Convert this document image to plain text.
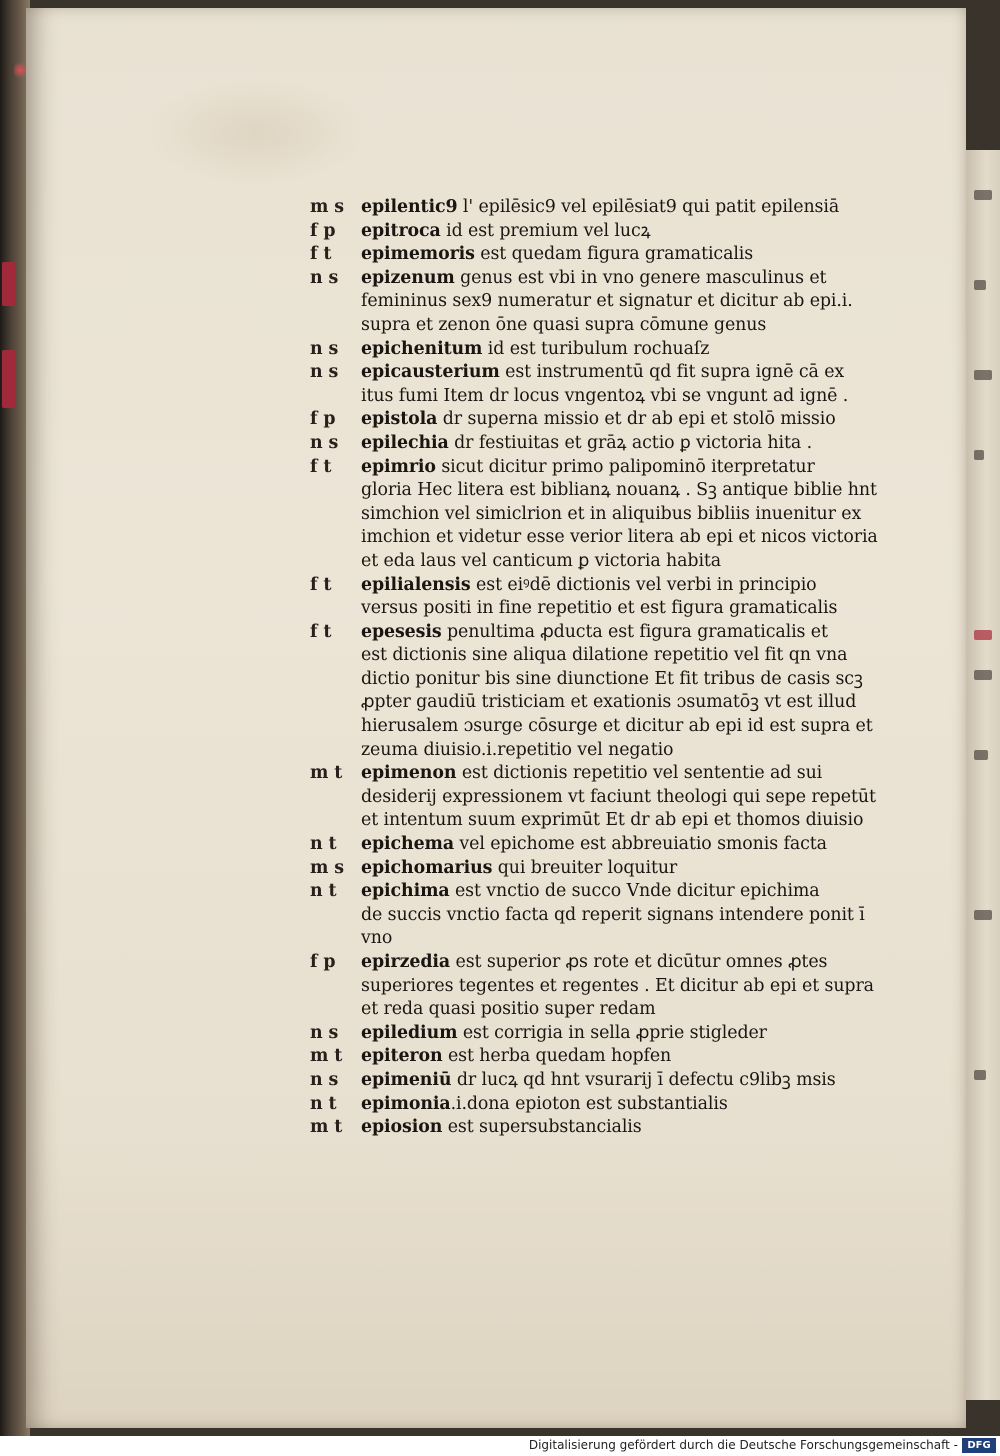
m s epilentic9 l' epilēsic9 vel epilēsiat9 qui patit epilensiā
f p epitroca id est premium vel lucꝝ
f t epimemoris est quedam figura gramaticalis
n s epizenum genus est vbi in vno genere masculinus et
femininus sex9 numeratur et signatur et dicitur ab epi.i.
supra et zenon ōne quasi supra cōmune genus
n s epichenitum id est turibulum rochuaſz
n s epicausterium est instrumentū qd fit supra ignē cā ex
itus fumi Item dr locus vngentoꝝ vbi se vngunt ad ignē .
f p epistola dr superna missio et dr ab epi et stolō missio
n s epilechia dr festiuitas et grāꝝ actio ꝑ victoria hita .
f t epimrio sicut dicitur primo palipominō iterpretatur
gloria Hec litera est biblianꝝ nouanꝝ . Sꝫ antique biblie hnt
simchion vel simiclrion et in aliquibus bibliis inuenitur ex
imchion et videtur esse verior litera ab epi et nicos victoria
et eda laus vel canticum ꝑ victoria habita
f t epilialensis est eiꝰdē dictionis vel verbi in principio
versus positi in fine repetitio et est figura gramaticalis
f t epesesis penultima ꝓducta est figura gramaticalis et
est dictionis sine aliqua dilatione repetitio vel fit qn vna
dictio ponitur bis sine diunctione Et fit tribus de casis scꝫ
ꝓpter gaudiū tristiciam et exationis ɔsumatōꝫ vt est illud
hierusalem ɔsurge cōsurge et dicitur ab epi id est supra et
zeuma diuisio.i.repetitio vel negatio
m t epimenon est dictionis repetitio vel sententie ad sui
desiderij expressionem vt faciunt theologi qui sepe repetūt
et intentum suum exprimūt Et dr ab epi et thomos diuisio
n t epichema vel epichome est abbreuiatio smonis facta
m s epichomarius qui breuiter loquitur
n t epichima est vnctio de succo Vnde dicitur epichima
de succis vnctio facta qd reperit signans intendere ponit ī
vno
f p epirzedia est superior ꝓs rote et dicūtur omnes ꝓtes
superiores tegentes et regentes . Et dicitur ab epi et supra
et reda quasi positio super redam
n s epiledium est corrigia in sella ꝓprie stigleder
m t epiteron est herba quedam hopfen
n s epimeniū dr lucꝝ qd hnt vsurarij ī defectu c9libꝫ msis
n t epimonia.i.dona epioton est substantialis
m t epiosion est supersubstancialis
Digitalisierung gefördert durch die Deutsche Forschungsgemeinschaft - DFG
